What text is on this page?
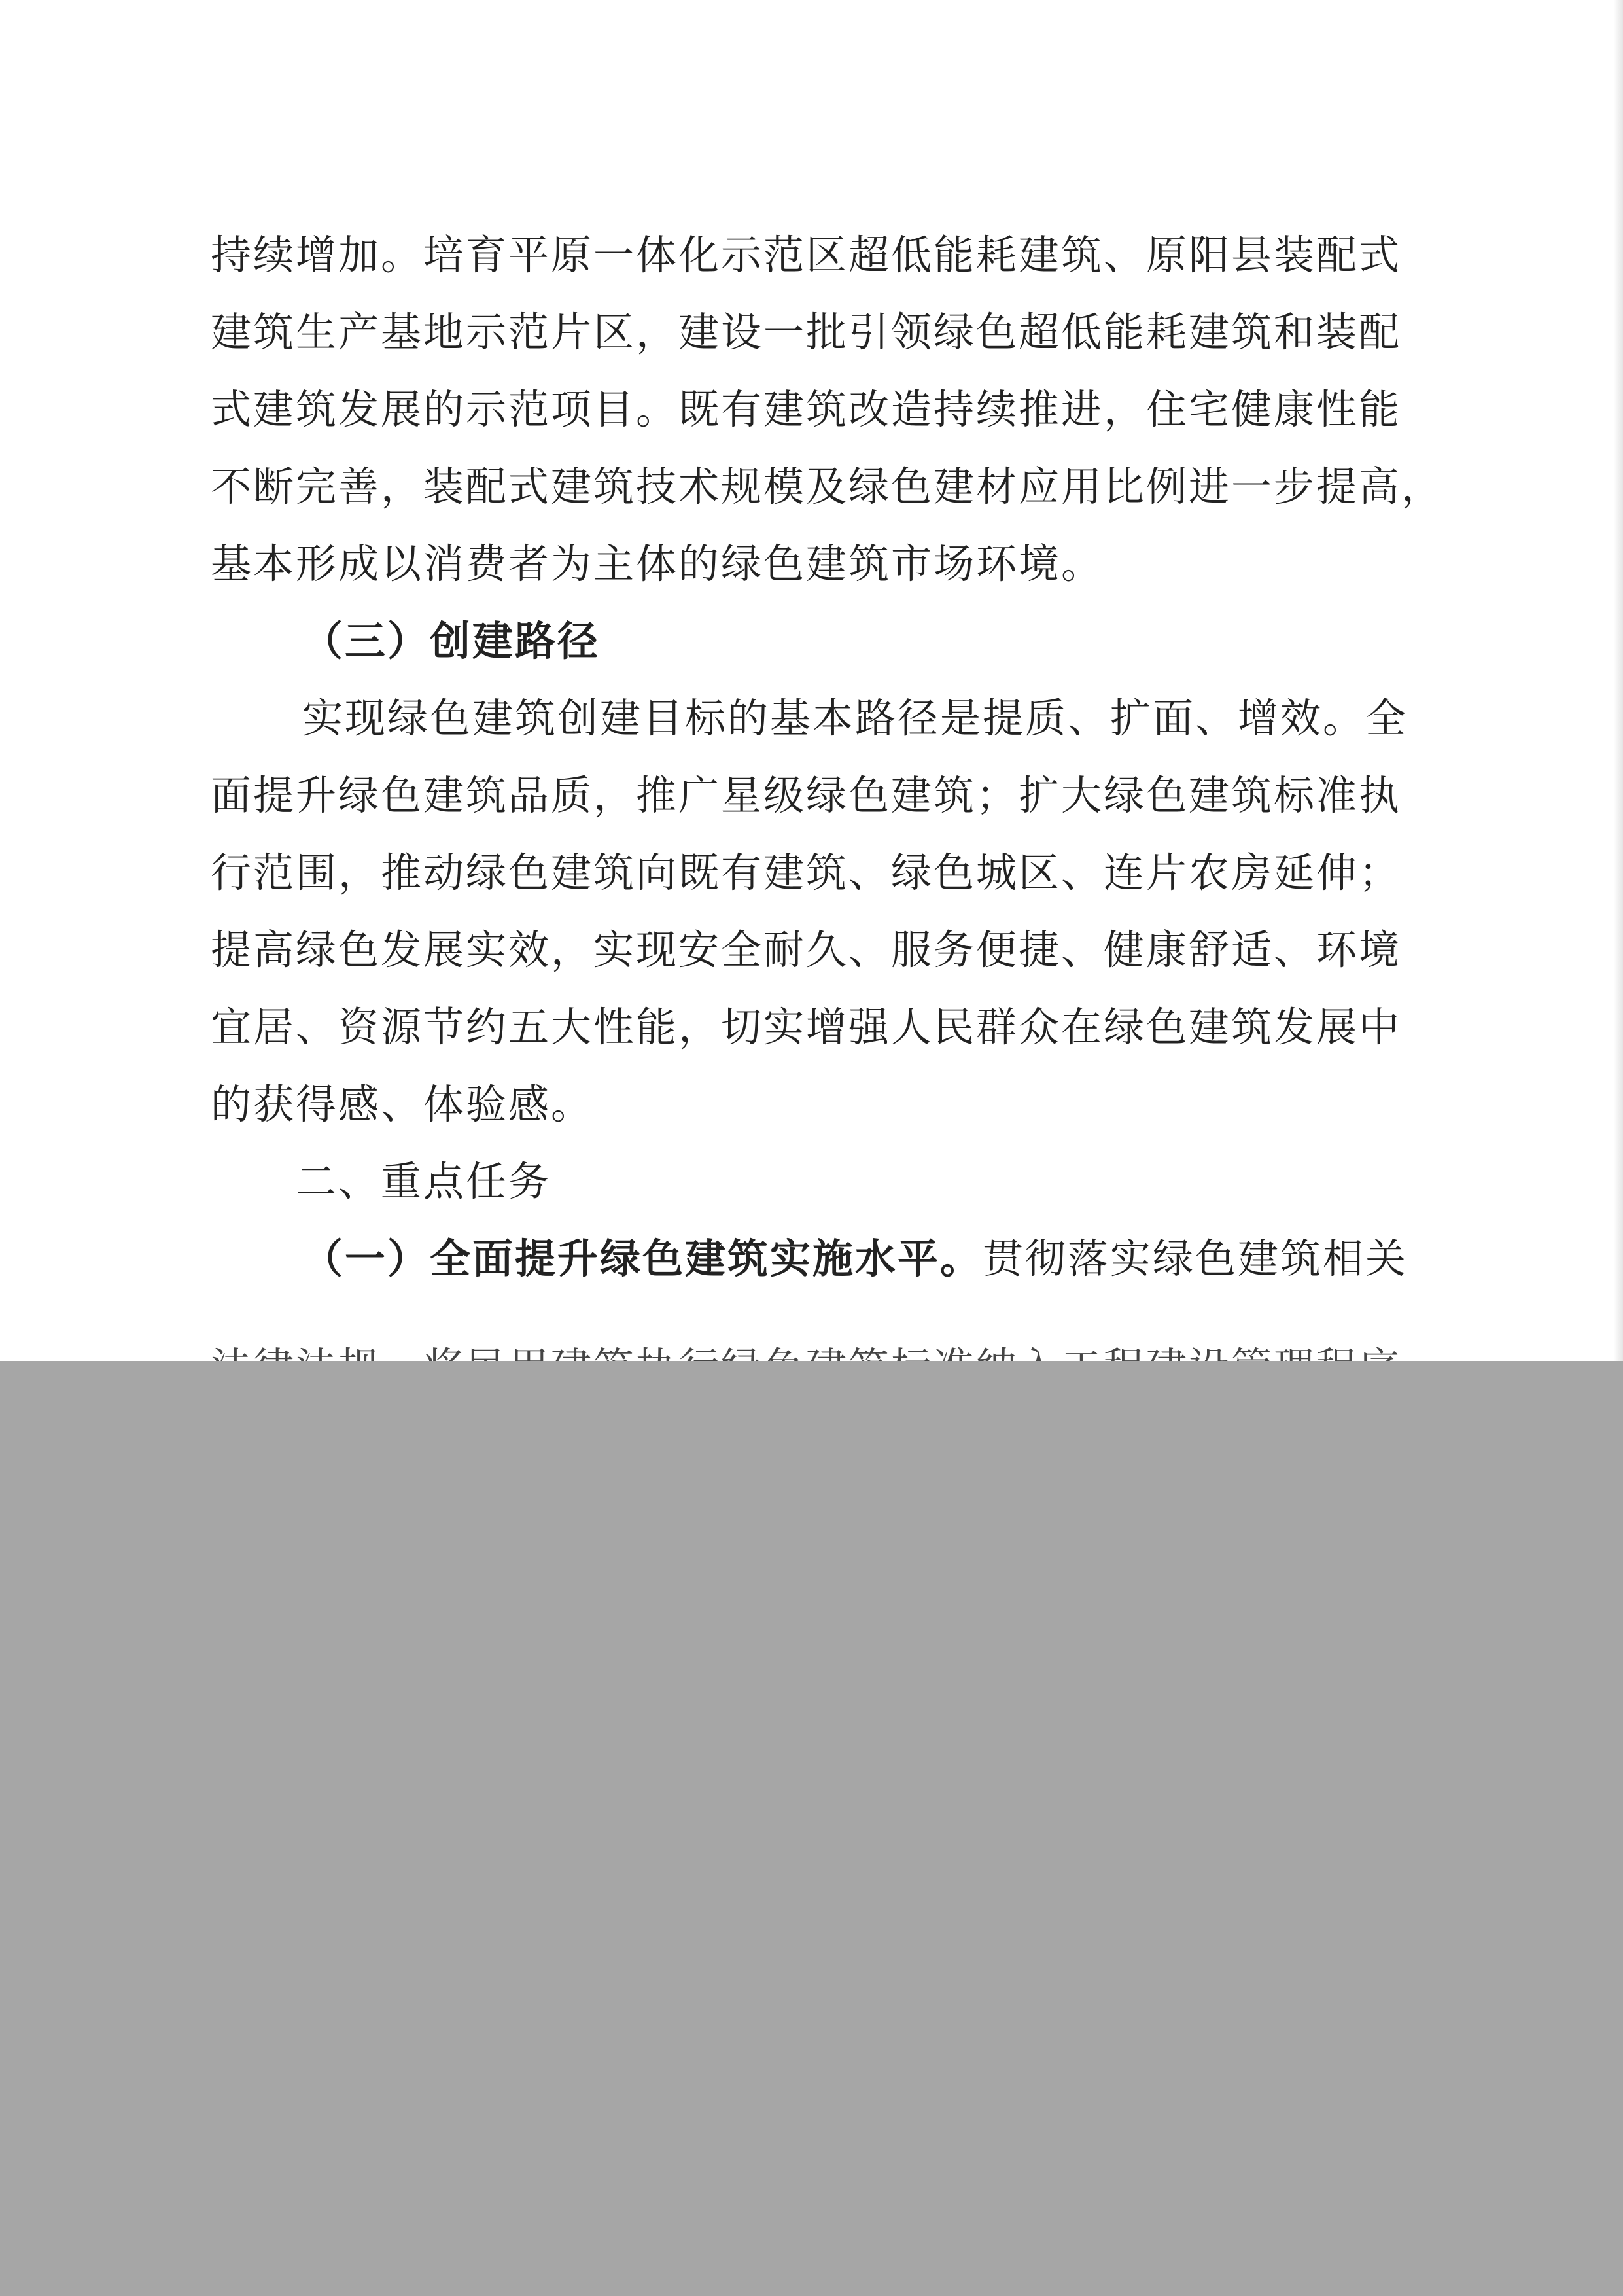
持续增加。培育平原一体化示范区超低能耗建筑、原阳县装配式
建筑生产基地示范片区，建设一批引领绿色超低能耗建筑和装配
式建筑发展的示范项目。既有建筑改造持续推进，住宅健康性能
不断完善，装配式建筑技术规模及绿色建材应用比例进一步提高，
基本形成以消费者为主体的绿色建筑市场环境。
（三）创建路径
实现绿色建筑创建目标的基本路径是提质、扩面、增效。全
面提升绿色建筑品质，推广星级绿色建筑；扩大绿色建筑标准执
行范围，推动绿色建筑向既有建筑、绿色城区、连片农房延伸；
提高绿色发展实效，实现安全耐久、服务便捷、健康舒适、环境
宜居、资源节约五大性能，切实增强人民群众在绿色建筑发展中
的获得感、体验感。
二、重点任务
（一）全面提升绿色建筑实施水平。贯彻落实绿色建筑相关
